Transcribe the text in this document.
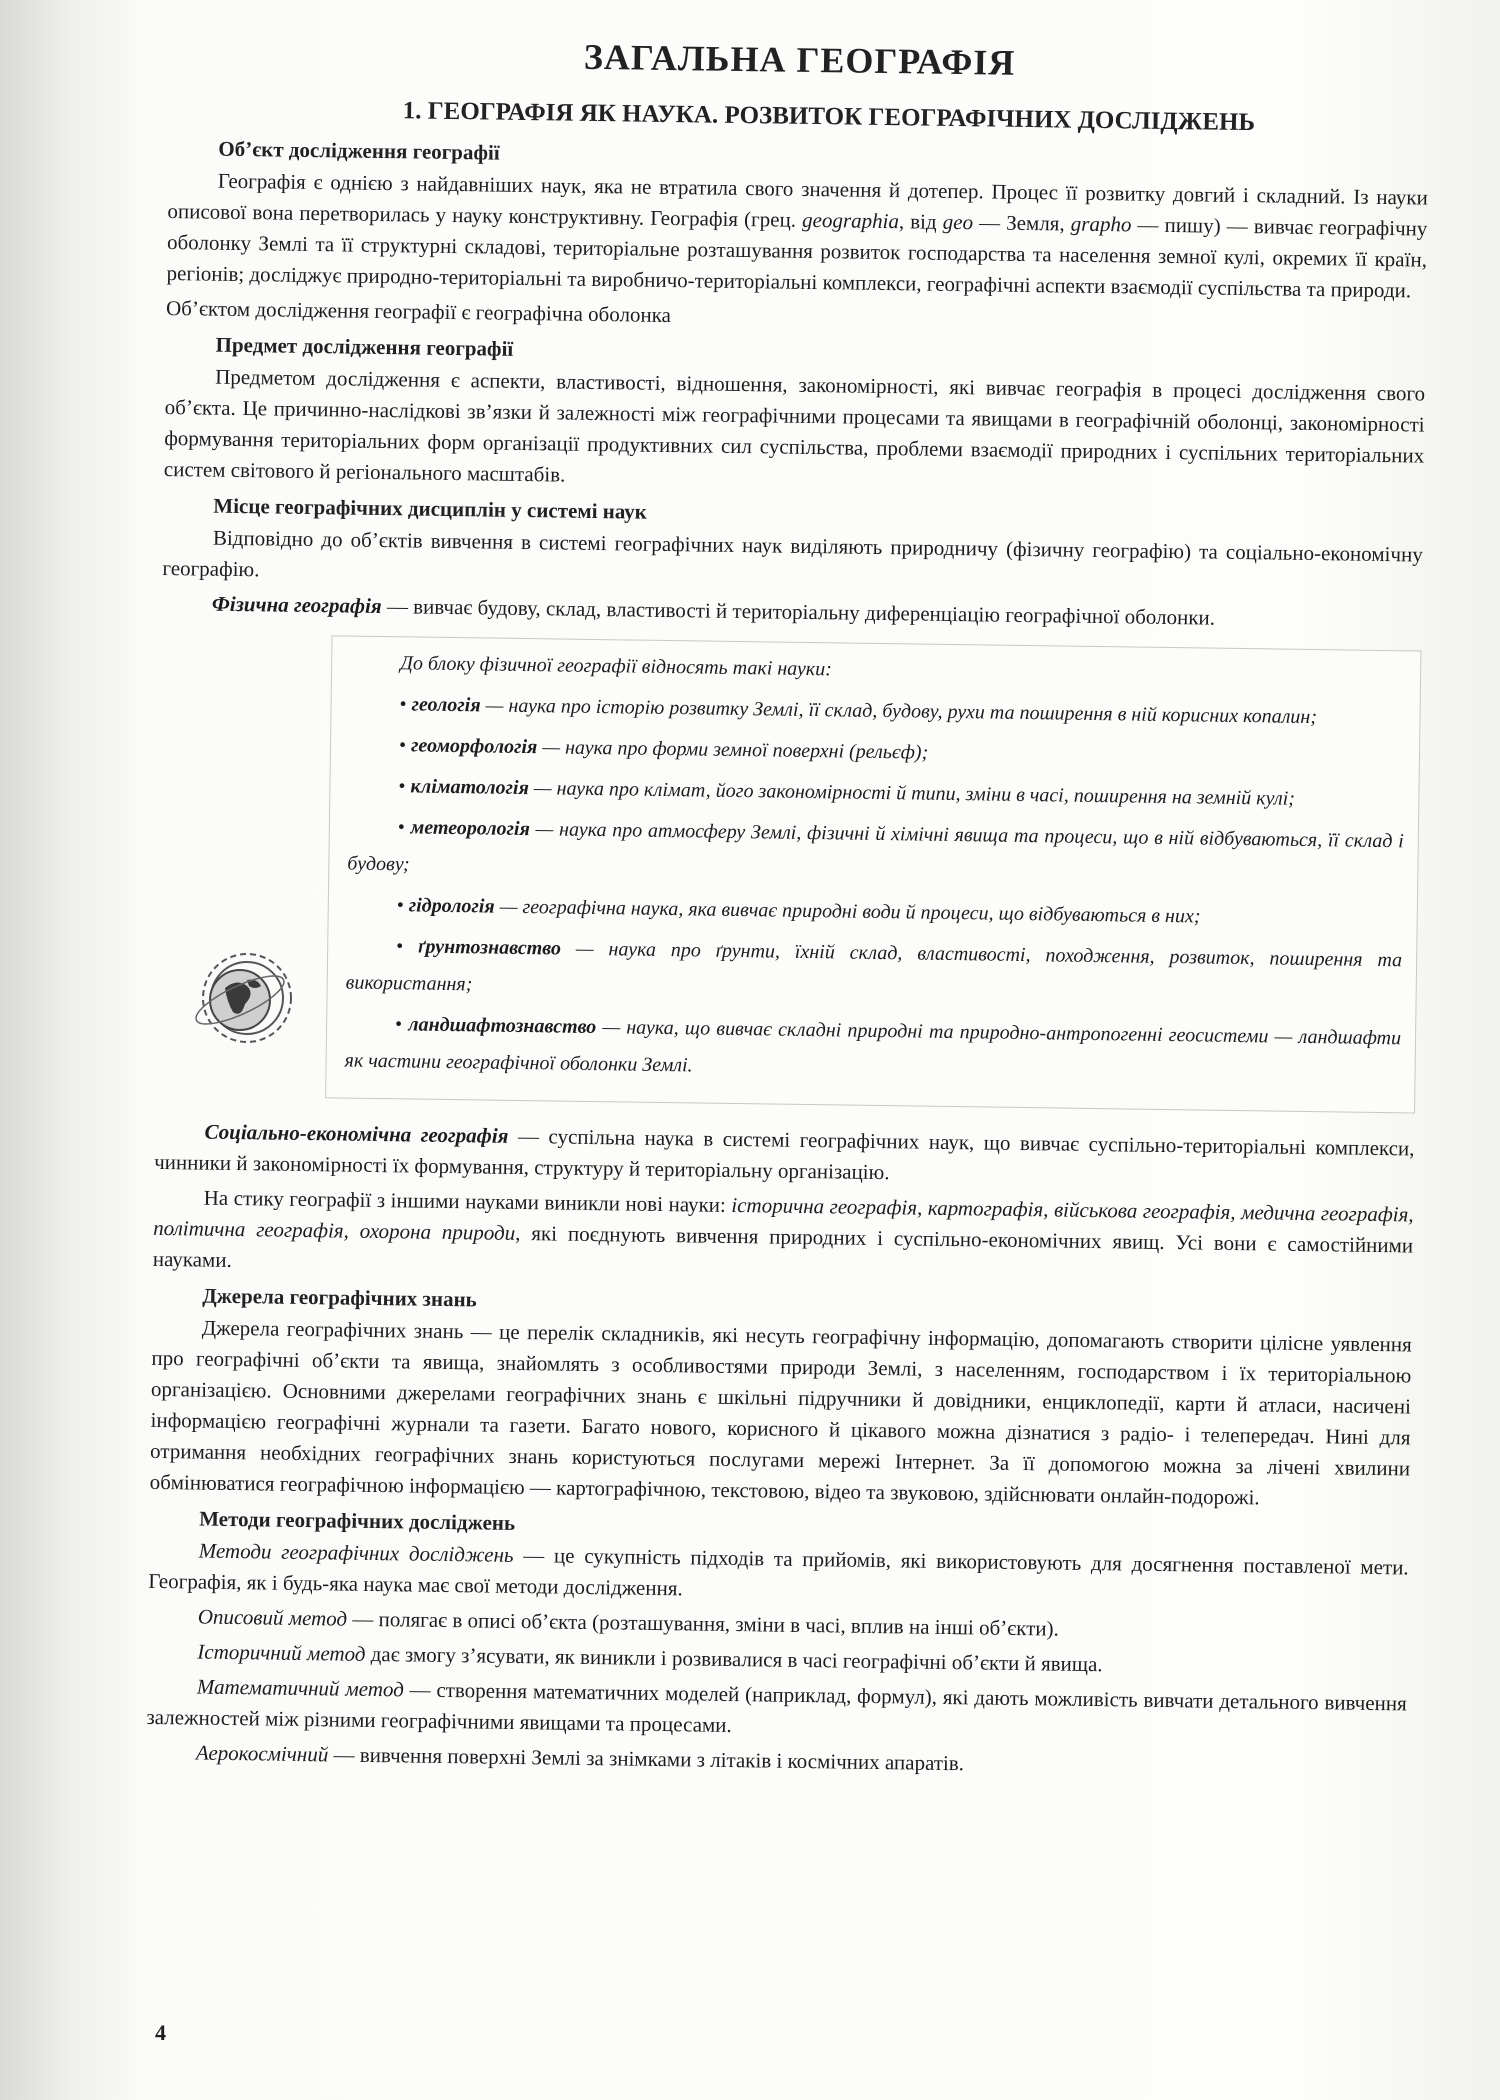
ЗАГАЛЬНА ГЕОГРАФІЯ
1. ГЕОГРАФІЯ ЯК НАУКА. РОЗВИТОК ГЕОГРАФІЧНИХ ДОСЛІДЖЕНЬ
Об’єкт дослідження географії

Географія є однією з найдавніших наук, яка не втратила свого значення й дотепер. Процес її розвитку довгий і складний. Із науки описової вона перетворилась у науку конструктивну. Географія (грец. geographia, від geo — Земля, grapho — пишу) — вивчає географічну оболонку Землі та її структурні складові, територіальне розташування розвиток господарства та населення земної кулі, окремих її країн, регіонів; досліджує природно-територіальні та виробничо-територіальні комплекси, географічні аспекти взаємодії суспільства та природи.

Об’єктом дослідження географії є географічна оболонка

Предмет дослідження географії

Предметом дослідження є аспекти, властивості, відношення, закономірності, які вивчає географія в процесі дослідження свого об’єкта. Це причинно-наслідкові зв’язки й залежності між географічними процесами та явищами в географічній оболонці, закономірності формування територіальних форм організації продуктивних сил суспільства, проблеми взаємодії природних і суспільних територіальних систем світового й регіонального масштабів.

Місце географічних дисциплін у системі наук

Відповідно до об’єктів вивчення в системі географічних наук виділяють природничу (фізичну географію) та соціально-економічну географію.

Фізична географія — вивчає будову, склад, властивості й територіальну диференціацію географічної оболонки.

До блоку фізичної географії відносять такі науки:

• геологія — наука про історію розвитку Землі, її склад, будову, рухи та поширення в ній корисних копалин;

• геоморфологія — наука про форми земної поверхні (рельєф);

• кліматологія — наука про клімат, його закономірності й типи, зміни в часі, поширення на земній кулі;

• метеорологія — наука про атмосферу Землі, фізичні й хімічні явища та процеси, що в ній відбуваються, її склад і будову;

• гідрологія — географічна наука, яка вивчає природні води й процеси, що відбуваються в них;

• ґрунтознавство — наука про ґрунти, їхній склад, властивості, походження, розвиток, поширення та використання;

• ландшафтознавство — наука, що вивчає складні природні та природно-антропогенні геосистеми — ландшафти як частини географічної оболонки Землі.

Соціально-економічна географія — суспільна наука в системі географічних наук, що вивчає суспільно-територіальні комплекси, чинники й закономірності їх формування, структуру й територіальну організацію.

На стику географії з іншими науками виникли нові науки: історична географія, картографія, військова географія, медична географія, політична географія, охорона природи, які поєднують вивчення природних і суспільно-економічних явищ. Усі вони є самостійними науками.

Джерела географічних знань

Джерела географічних знань — це перелік складників, які несуть географічну інформацію, допомагають створити цілісне уявлення про географічні об’єкти та явища, знайомлять з особливостями природи Землі, з населенням, господарством і їх територіальною організацією. Основними джерелами географічних знань є шкільні підручники й довідники, енциклопедії, карти й атласи, насичені інформацією географічні журнали та газети. Багато нового, корисного й цікавого можна дізнатися з радіо- і телепередач. Нині для отримання необхідних географічних знань користуються послугами мережі Інтернет. За її допомогою можна за лічені хвилини обмінюватися географічною інформацією — картографічною, текстовою, відео та звуковою, здійснювати онлайн-подорожі.

Методи географічних досліджень

Методи географічних досліджень — це сукупність підходів та прийомів, які використовують для досягнення поставленої мети. Географія, як і будь-яка наука має свої методи дослідження.

Описовий метод — полягає в описі об’єкта (розташування, зміни в часі, вплив на інші об’єкти).

Історичний метод дає змогу з’ясувати, як виникли і розвивалися в часі географічні об’єкти й явища.

Математичний метод — створення математичних моделей (наприклад, формул), які дають можливість вивчати детального вивчення залежностей між різними географічними явищами та процесами.

Аерокосмічний — вивчення поверхні Землі за знімками з літаків і космічних апаратів.

4
